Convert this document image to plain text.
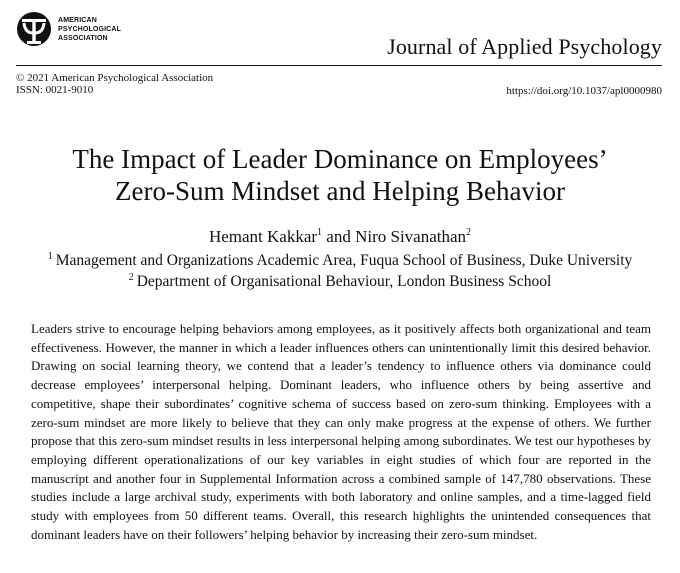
AMERICAN
PSYCHOLOGICAL
ASSOCIATION	Journal of Applied Psychology
© 2021 American Psychological Association
ISSN: 0021-9010	https://doi.org/10.1037/apl0000980
The Impact of Leader Dominance on Employees’
Zero-Sum Mindset and Helping Behavior
Hemant Kakkar$^1$ and Niro Sivanathan$^2$
$^1$ Management and Organizations Academic Area, Fuqua School of Business, Duke University
$^2$ Department of Organisational Behaviour, London Business School

Leaders strive to encourage helping behaviors among employees, as it positively affects both organizational and team effectiveness. However, the manner in which a leader influences others can unintentionally limit this desired behavior. Drawing on social learning theory, we contend that a leader’s tendency to influence others via dominance could decrease employees’ interpersonal helping. Dominant leaders, who influence others by being assertive and competitive, shape their subordinates’ cognitive schema of success based on zero-sum thinking. Employees with a zero-sum mindset are more likely to believe that they can only make progress at the expense of others. We further propose that this zero-sum mindset results in less interpersonal helping among subordinates. We test our hypotheses by employing different operationalizations of our key variables in eight studies of which four are reported in the manuscript and another four in Supplemental Information across a combined sample of 147,780 observations. These studies include a large archival study, experiments with both laboratory and online samples, and a time-lagged field study with employees from 50 different teams. Overall, this research highlights the unintended consequences that dominant leaders have on their followers’ helping behavior by increasing their zero-sum mindset.
